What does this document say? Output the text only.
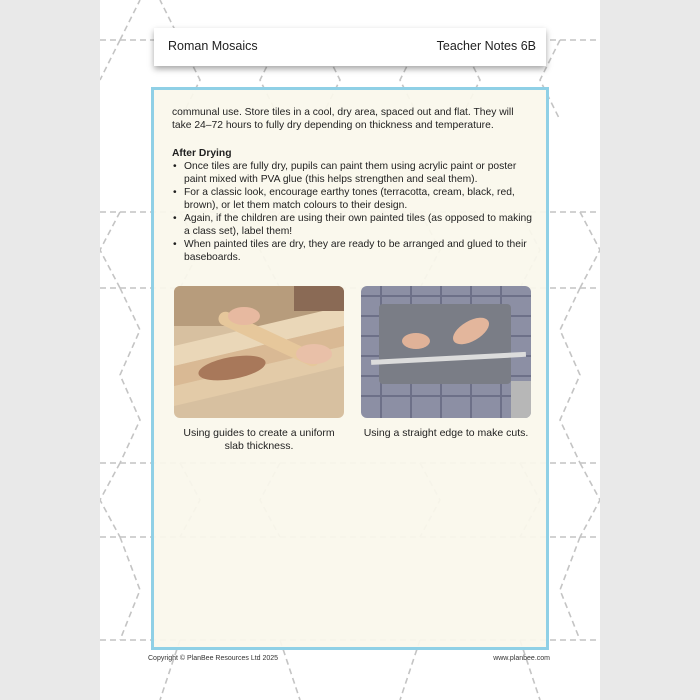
Roman Mosaics	Teacher Notes 6B

communal use. Store tiles in a cool, dry area, spaced out and flat. They will take 24–72 hours to fully dry depending on thickness and temperature.

After Drying

• Once tiles are fully dry, pupils can paint them using acrylic paint or poster paint mixed with PVA glue (this helps strengthen and seal them).
• For a classic look, encourage earthy tones (terracotta, cream, black, red, brown), or let them match colours to their design.
• Again, if the children are using their own painted tiles (as opposed to making a class set), label them!
• When painted tiles are dry, they are ready to be arranged and glued to their baseboards.
Using guides to create a uniform slab thickness.
Using a straight edge to make cuts.
Copyright © PlanBee Resources Ltd 2025	www.planbee.com
